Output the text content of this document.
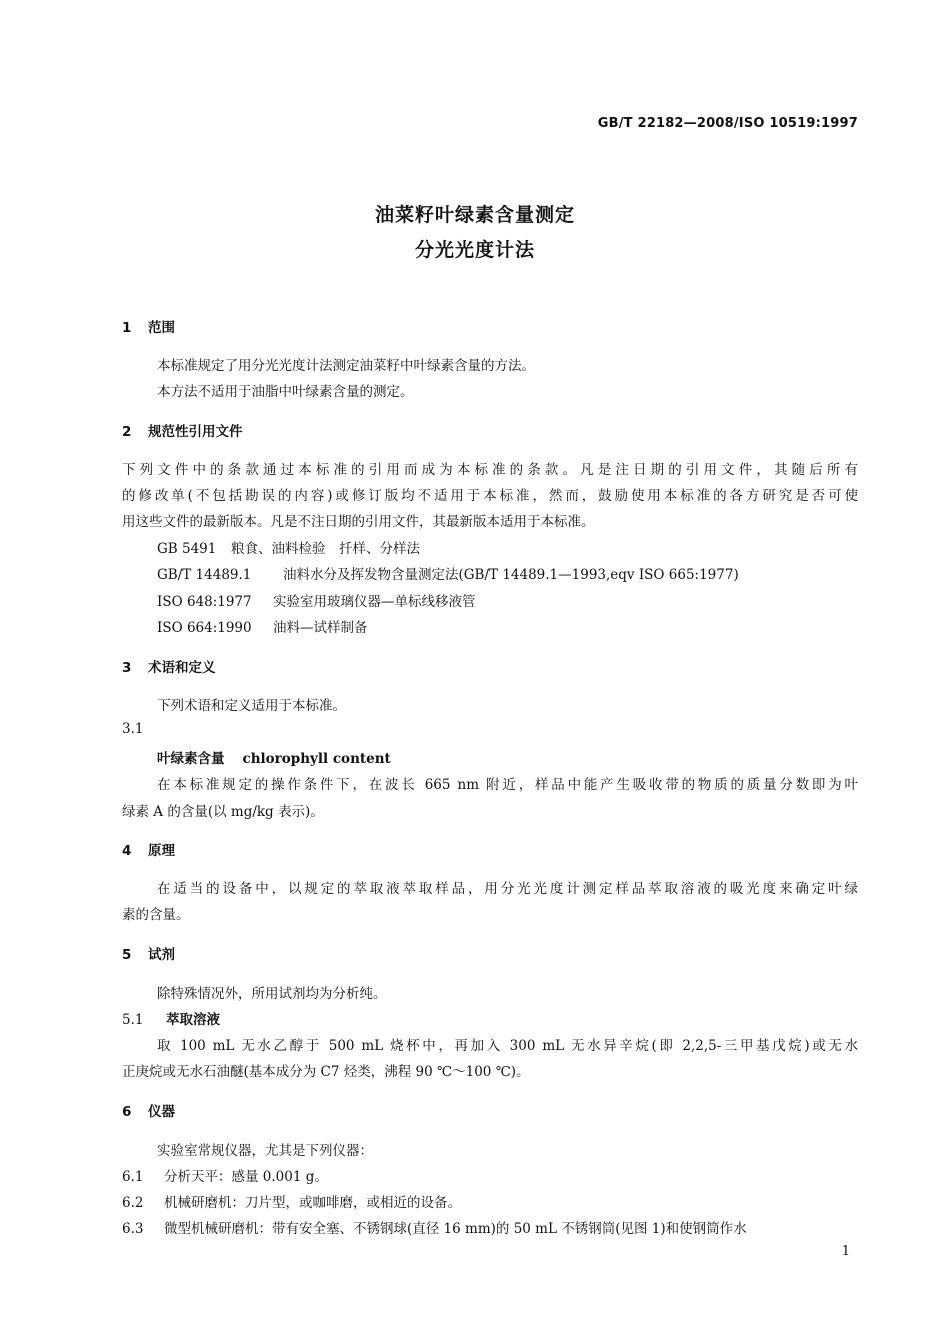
GB/T 22182—2008/ISO 10519:1997
油菜籽叶绿素含量测定
分光光度计法
1 范围
本标准规定了用分光光度计法测定油菜籽中叶绿素含量的方法。
本方法不适用于油脂中叶绿素含量的测定。
2 规范性引用文件
下列文件中的条款通过本标准的引用而成为本标准的条款。凡是注日期的引用文件，其随后所有
的修改单(不包括勘误的内容)或修订版均不适用于本标准，然而，鼓励使用本标准的各方研究是否可使
用这些文件的最新版本。凡是不注日期的引用文件，其最新版本适用于本标准。
GB 5491 粮食、油料检验　扦样、分样法
GB/T 14489.1 油料水分及挥发物含量测定法(GB/T 14489.1—1993,eqv ISO 665:1977)
ISO 648:1977 实验室用玻璃仪器—单标线移液管
ISO 664:1990 油料—试样制备
3 术语和定义
下列术语和定义适用于本标准。
3.1
叶绿素含量 chlorophyll content
在本标准规定的操作条件下，在波长 665 nm 附近，样品中能产生吸收带的物质的质量分数即为叶
绿素 A 的含量(以 mg/kg 表示)。
4 原理
在适当的设备中，以规定的萃取液萃取样品，用分光光度计测定样品萃取溶液的吸光度来确定叶绿
素的含量。
5 试剂
除特殊情况外，所用试剂均为分析纯。
5.1 萃取溶液
取 100 mL 无水乙醇于 500 mL 烧杯中，再加入 300 mL 无水异辛烷(即 2,2,5-三甲基戊烷)或无水
正庚烷或无水石油醚(基本成分为 C7 烃类，沸程 90 ℃～100 ℃)。
6 仪器
实验室常规仪器，尤其是下列仪器：
6.1 分析天平：感量 0.001 g。
6.2 机械研磨机：刀片型，或咖啡磨，或相近的设备。
6.3 微型机械研磨机：带有安全塞、不锈钢球(直径 16 mm)的 50 mL 不锈钢筒(见图 1)和使钢筒作水
1
